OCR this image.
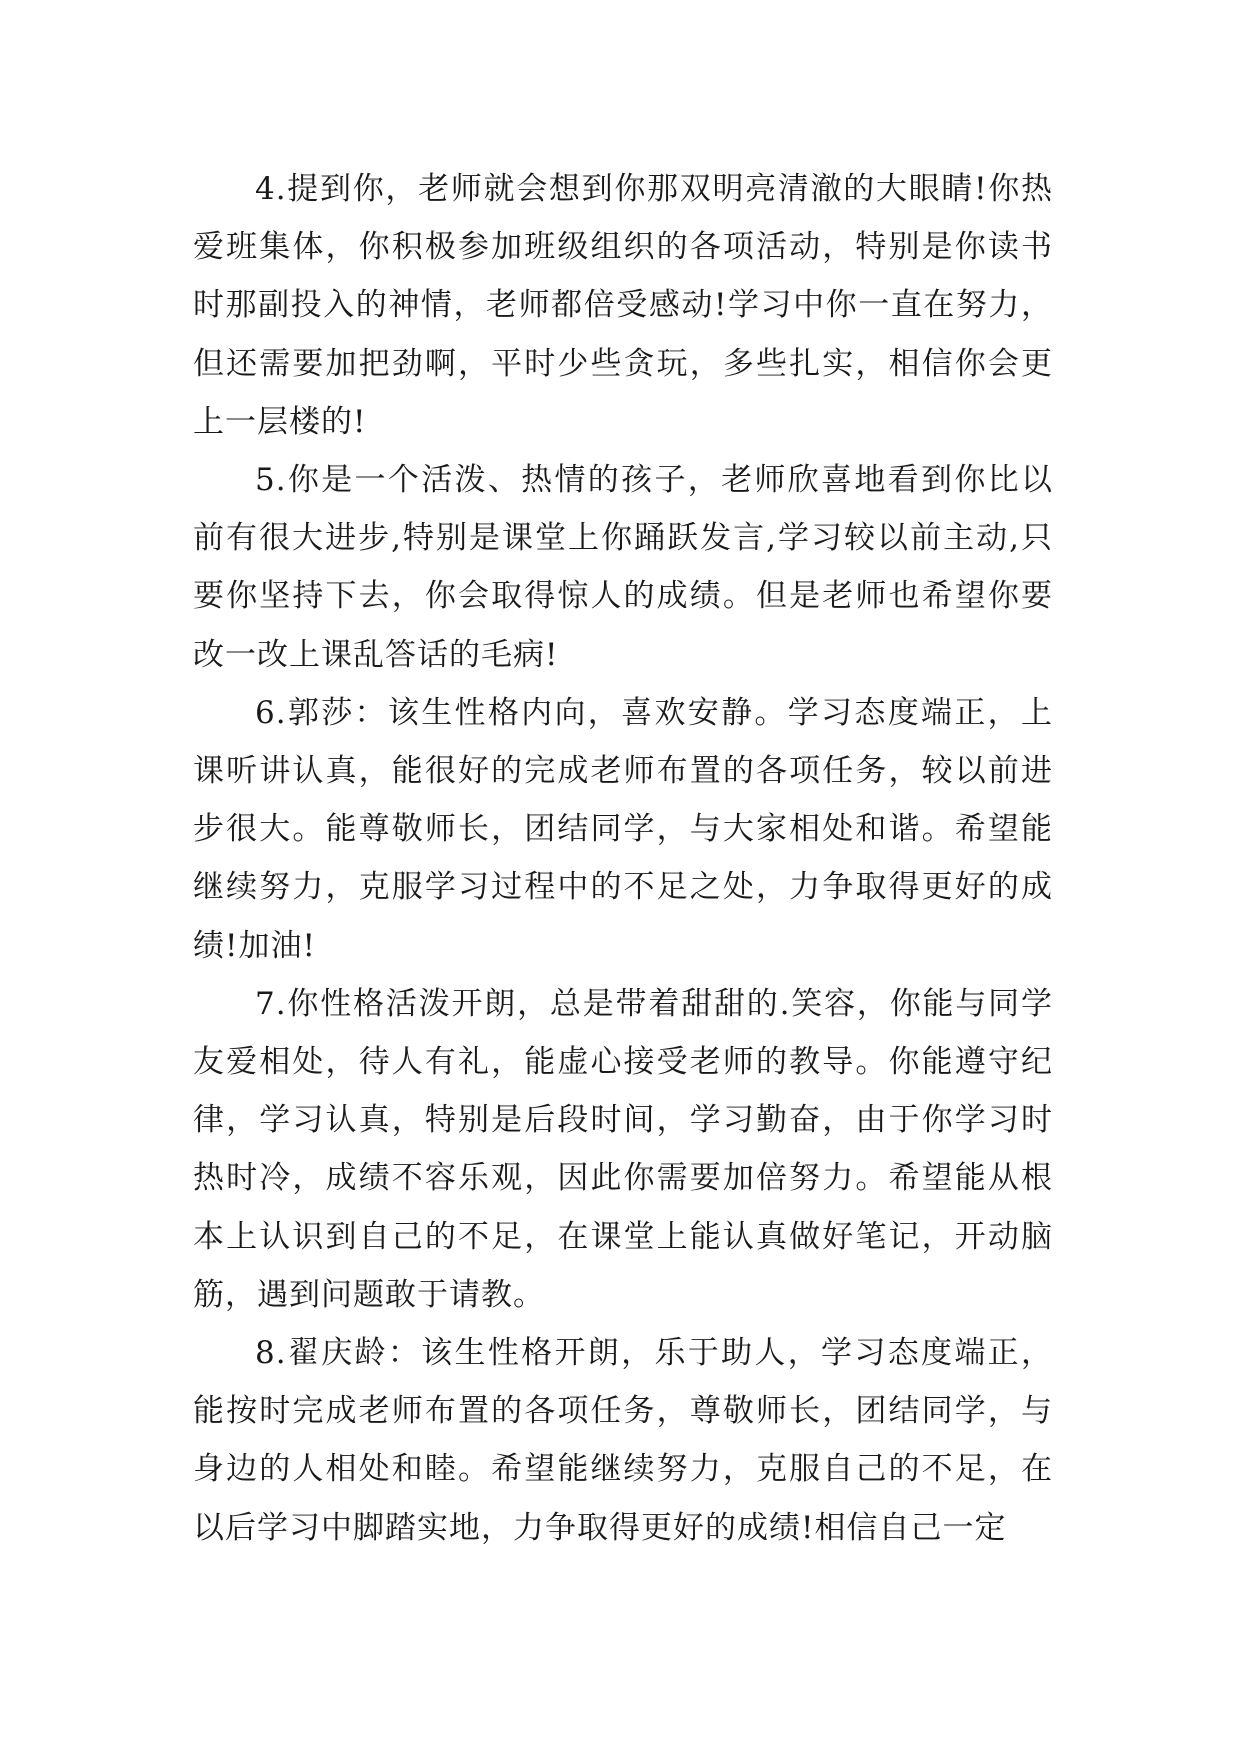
4.提到你，老师就会想到你那双明亮清澈的大眼睛!你热爱班集体，你积极参加班级组织的各项活动，特别是你读书时那副投入的神情，老师都倍受感动!学习中你一直在努力，但还需要加把劲啊，平时少些贪玩，多些扎实，相信你会更上一层楼的!

5.你是一个活泼、热情的孩子，老师欣喜地看到你比以前有很大进步,特别是课堂上你踊跃发言,学习较以前主动,只要你坚持下去，你会取得惊人的成绩。但是老师也希望你要改一改上课乱答话的毛病!

6.郭莎：该生性格内向，喜欢安静。学习态度端正，上课听讲认真，能很好的完成老师布置的各项任务，较以前进步很大。能尊敬师长，团结同学，与大家相处和谐。希望能继续努力，克服学习过程中的不足之处，力争取得更好的成绩!加油!

7.你性格活泼开朗，总是带着甜甜的.笑容，你能与同学友爱相处，待人有礼，能虚心接受老师的教导。你能遵守纪律，学习认真，特别是后段时间，学习勤奋，由于你学习时热时冷，成绩不容乐观，因此你需要加倍努力。希望能从根本上认识到自己的不足，在课堂上能认真做好笔记，开动脑筋，遇到问题敢于请教。

8.翟庆龄：该生性格开朗，乐于助人，学习态度端正，能按时完成老师布置的各项任务，尊敬师长，团结同学，与身边的人相处和睦。希望能继续努力，克服自己的不足，在以后学习中脚踏实地，力争取得更好的成绩!相信自己一定
